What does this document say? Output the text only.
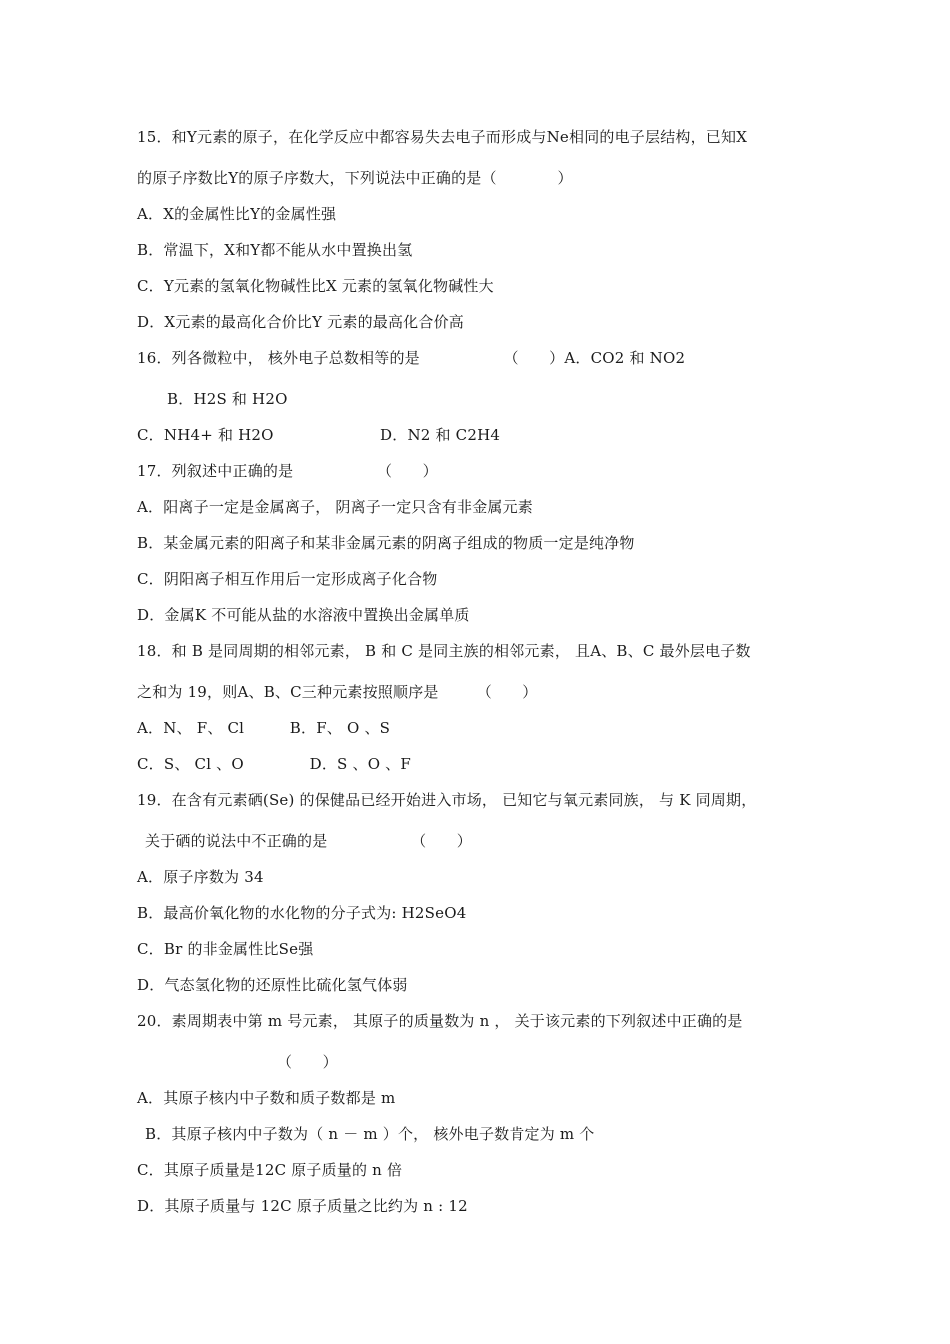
15．和Y元素的原子，在化学反应中都容易失去电子而形成与Ne相同的电子层结构，已知X
的原子序数比Y的原子序数大，下列说法中正确的是（　　　　）
A．X的金属性比Y的金属性强
B．常温下，X和Y都不能从水中置换出氢
C．Y元素的氢氧化物碱性比X 元素的氢氧化物碱性大
D．X元素的最高化合价比Y 元素的最高化合价高
16．列各微粒中， 核外电子总数相等的是　　　　　　（　　）A．CO2 和 NO2
B．H2S 和 H2O
C．NH4+ 和 H2O　　　　　　　D．N2 和 C2H4
17．列叙述中正确的是　　　　　　（　　）
A．阳离子一定是金属离子， 阴离子一定只含有非金属元素
B．某金属元素的阳离子和某非金属元素的阴离子组成的物质一定是纯净物
C．阴阳离子相互作用后一定形成离子化合物
D．金属K 不可能从盐的水溶液中置换出金属单质
18．和 B 是同周期的相邻元素， B 和 C 是同主族的相邻元素， 且A、B、C 最外层电子数
之和为 19，则A、B、C三种元素按照顺序是　　　（　　）
A．N、 F、 Cl　　　B．F、 O 、S
C．S、 Cl 、O　　　　 D．S 、O 、F
19．在含有元素硒(Se) 的保健品已经开始进入市场， 已知它与氧元素同族， 与 K 同周期，
关于硒的说法中不正确的是　　　　　　（　　）
A．原子序数为 34
B．最高价氧化物的水化物的分子式为: H2SeO4
C．Br 的非金属性比Se强
D．气态氢化物的还原性比硫化氢气体弱
20．素周期表中第 m 号元素， 其原子的质量数为 n ， 关于该元素的下列叙述中正确的是
（　　）
A．其原子核内中子数和质子数都是 m
B．其原子核内中子数为（ n － m ）个， 核外电子数肯定为 m 个
C．其原子质量是12C 原子质量的 n 倍
D．其原子质量与 12C 原子质量之比约为 n : 12
